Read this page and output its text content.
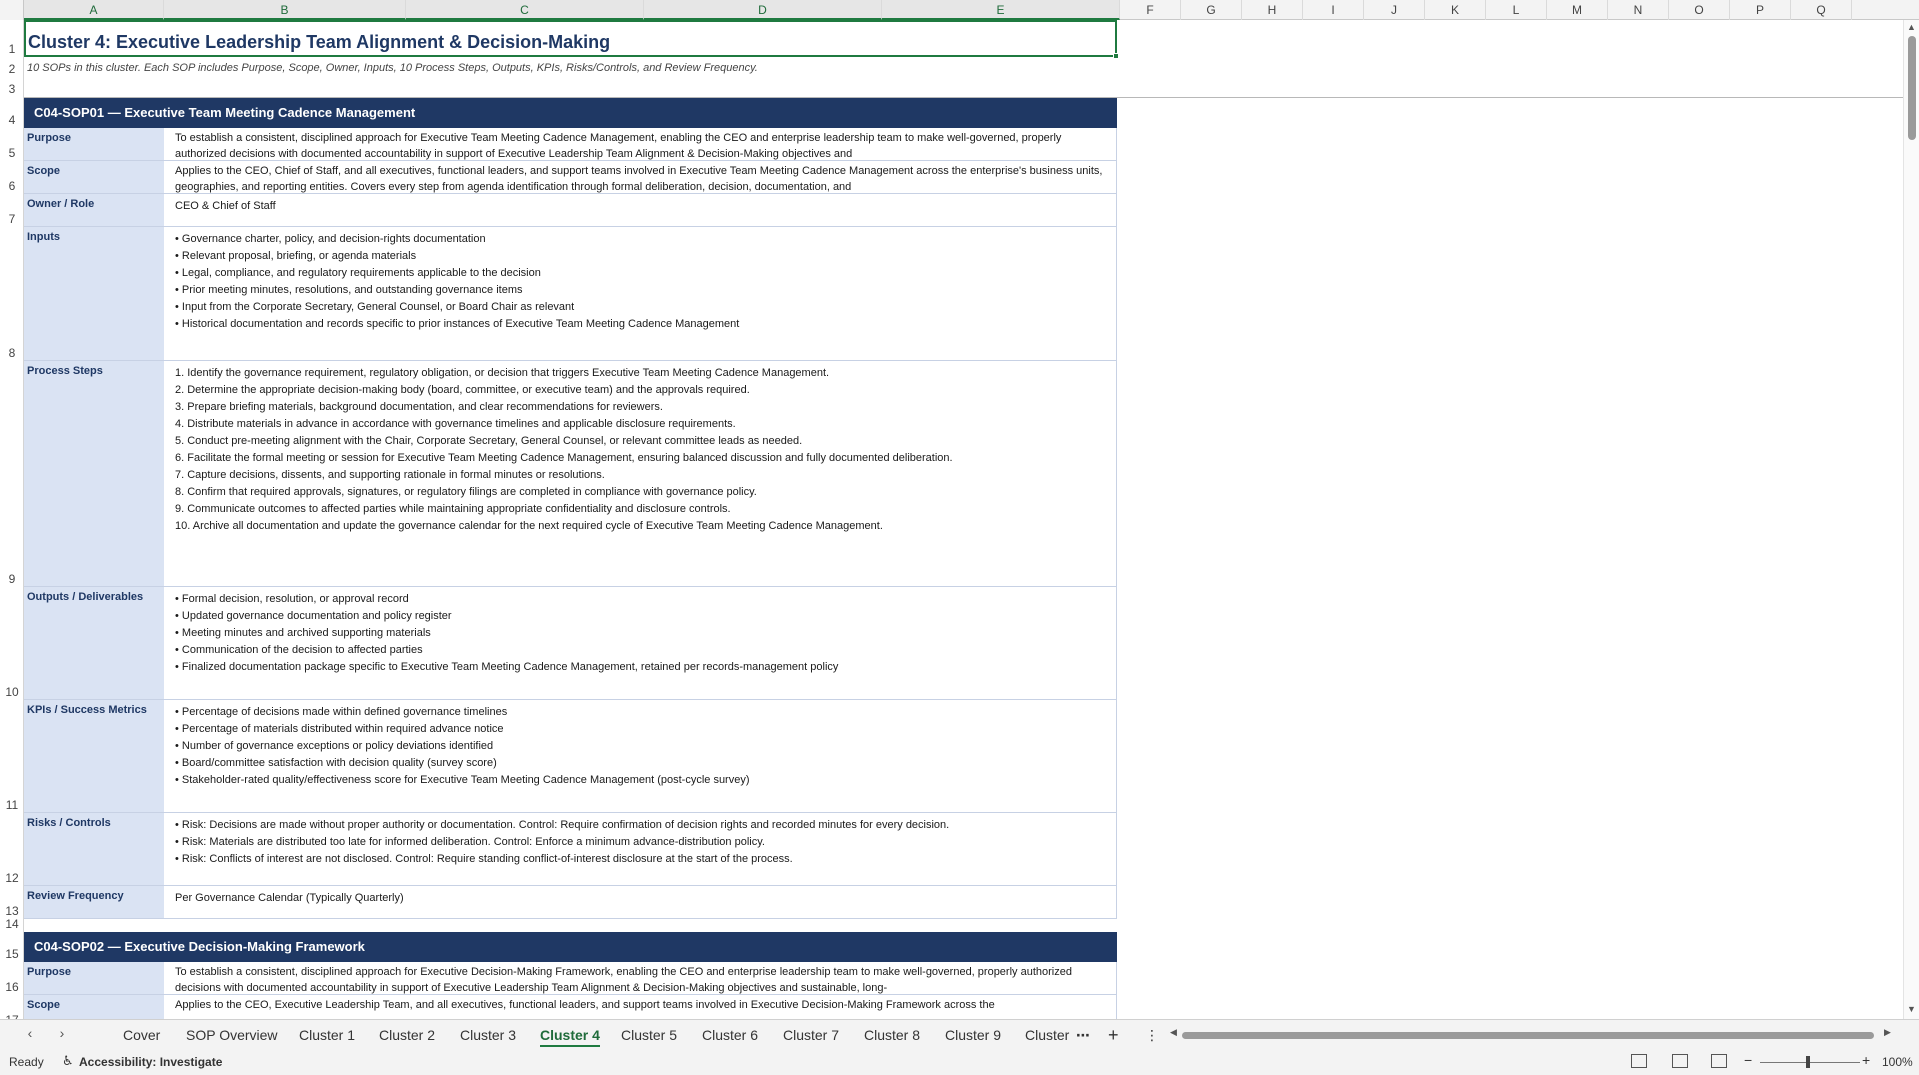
A	B	C	D	E	F	G	H	I	J	K	L	M	N	O	P	Q
1
2
3
4
5
6
7
8
9
10
11
12
13
14
15
16
Cluster 4: Executive Leadership Team Alignment & Decision-Making
10 SOPs in this cluster. Each SOP includes Purpose, Scope, Owner, Inputs, 10 Process Steps, Outputs, KPIs, Risks/Controls, and Review Frequency.
C04-SOP01 — Executive Team Meeting Cadence Management
Purpose	To establish a consistent, disciplined approach for Executive Team Meeting Cadence Management, enabling the CEO and enterprise leadership team to make well-governed, properly authorized decisions with documented accountability in support of Executive Leadership Team Alignment & Decision-Making objectives and
Scope	Applies to the CEO, Chief of Staff, and all executives, functional leaders, and support teams involved in Executive Team Meeting Cadence Management across the enterprise's business units, geographies, and reporting entities. Covers every step from agenda identification through formal deliberation, decision, documentation, and
Owner / Role	CEO & Chief of Staff
Inputs	• Governance charter, policy, and decision-rights documentation
• Relevant proposal, briefing, or agenda materials
• Legal, compliance, and regulatory requirements applicable to the decision
• Prior meeting minutes, resolutions, and outstanding governance items
• Input from the Corporate Secretary, General Counsel, or Board Chair as relevant
• Historical documentation and records specific to prior instances of Executive Team Meeting Cadence Management
Process Steps	1. Identify the governance requirement, regulatory obligation, or decision that triggers Executive Team Meeting Cadence Management.
2. Determine the appropriate decision-making body (board, committee, or executive team) and the approvals required.
3. Prepare briefing materials, background documentation, and clear recommendations for reviewers.
4. Distribute materials in advance in accordance with governance timelines and applicable disclosure requirements.
5. Conduct pre-meeting alignment with the Chair, Corporate Secretary, General Counsel, or relevant committee leads as needed.
6. Facilitate the formal meeting or session for Executive Team Meeting Cadence Management, ensuring balanced discussion and fully documented deliberation.
7. Capture decisions, dissents, and supporting rationale in formal minutes or resolutions.
8. Confirm that required approvals, signatures, or regulatory filings are completed in compliance with governance policy.
9. Communicate outcomes to affected parties while maintaining appropriate confidentiality and disclosure controls.
10. Archive all documentation and update the governance calendar for the next required cycle of Executive Team Meeting Cadence Management.
Outputs / Deliverables	• Formal decision, resolution, or approval record
• Updated governance documentation and policy register
• Meeting minutes and archived supporting materials
• Communication of the decision to affected parties
• Finalized documentation package specific to Executive Team Meeting Cadence Management, retained per records-management policy
KPIs / Success Metrics	• Percentage of decisions made within defined governance timelines
• Percentage of materials distributed within required advance notice
• Number of governance exceptions or policy deviations identified
• Board/committee satisfaction with decision quality (survey score)
• Stakeholder-rated quality/effectiveness score for Executive Team Meeting Cadence Management (post-cycle survey)
Risks / Controls	• Risk: Decisions are made without proper authority or documentation. Control: Require confirmation of decision rights and recorded minutes for every decision.
• Risk: Materials are distributed too late for informed deliberation. Control: Enforce a minimum advance-distribution policy.
• Risk: Conflicts of interest are not disclosed. Control: Require standing conflict-of-interest disclosure at the start of the process.
Review Frequency	Per Governance Calendar (Typically Quarterly)
C04-SOP02 — Executive Decision-Making Framework
Purpose	To establish a consistent, disciplined approach for Executive Decision-Making Framework, enabling the CEO and enterprise leadership team to make well-governed, properly authorized decisions with documented accountability in support of Executive Leadership Team Alignment & Decision-Making objectives and sustainable, long-
Scope	Applies to the CEO, Executive Leadership Team, and all executives, functional leaders, and support teams involved in Executive Decision-Making Framework across the
▲
▼
‹	›	Cover SOP Overview Cluster 1 Cluster 2 Cluster 3 Cluster 4 Cluster 5 Cluster 6 Cluster 7 Cluster 8 Cluster 9 Cluster ⋯ + ⋮ ◀	▶
Ready ♿ Accessibility: Investigate	−	+ 100%
